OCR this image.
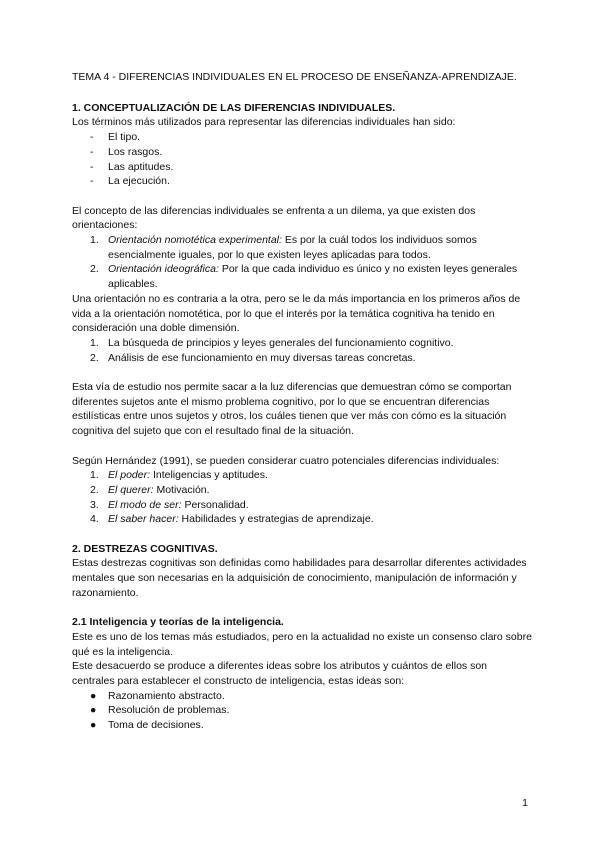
TEMA 4 - DIFERENCIAS INDIVIDUALES EN EL PROCESO DE ENSEÑANZA-APRENDIZAJE.

1. CONCEPTUALIZACIÓN DE LAS DIFERENCIAS INDIVIDUALES.

Los términos más utilizados para representar las diferencias individuales han sido:

- El tipo.
- Los rasgos.
- Las aptitudes.
- La ejecución.

El concepto de las diferencias individuales se enfrenta a un dilema, ya que existen dos orientaciones:

1. Orientación nomotética experimental: Es por la cuál todos los individuos somos esencialmente iguales, por lo que existen leyes aplicadas para todos.
2. Orientación ideográfica: Por la que cada individuo es único y no existen leyes generales aplicables.

Una orientación no es contraria a la otra, pero se le da más importancia en los primeros años de vida a la orientación nomotética, por lo que el interés por la temática cognitiva ha tenido en consideración una doble dimensión.

1. La búsqueda de principios y leyes generales del funcionamiento cognitivo.
2. Análisis de ese funcionamiento en muy diversas tareas concretas.

Esta vía de estudio nos permite sacar a la luz diferencias que demuestran cómo se comportan diferentes sujetos ante el mismo problema cognitivo, por lo que se encuentran diferencias estilísticas entre unos sujetos y otros, los cuáles tienen que ver más con cómo es la situación cognitiva del sujeto que con el resultado final de la situación.

Según Hernández (1991), se pueden considerar cuatro potenciales diferencias individuales:

1. El poder: Inteligencias y aptitudes.
2. El querer: Motivación.
3. El modo de ser: Personalidad.
4. El saber hacer: Habilidades y estrategias de aprendizaje.

2. DESTREZAS COGNITIVAS.

Estas destrezas cognitivas son definidas como habilidades para desarrollar diferentes actividades mentales que son necesarias en la adquisición de conocimiento, manipulación de información y razonamiento.

2.1 Inteligencia y teorías de la inteligencia.

Este es uno de los temas más estudiados, pero en la actualidad no existe un consenso claro sobre qué es la inteligencia.

Este desacuerdo se produce a diferentes ideas sobre los atributos y cuántos de ellos son centrales para establecer el constructo de inteligencia, estas ideas son:

● Razonamiento abstracto.
● Resolución de problemas.
● Toma de decisiones.
1
